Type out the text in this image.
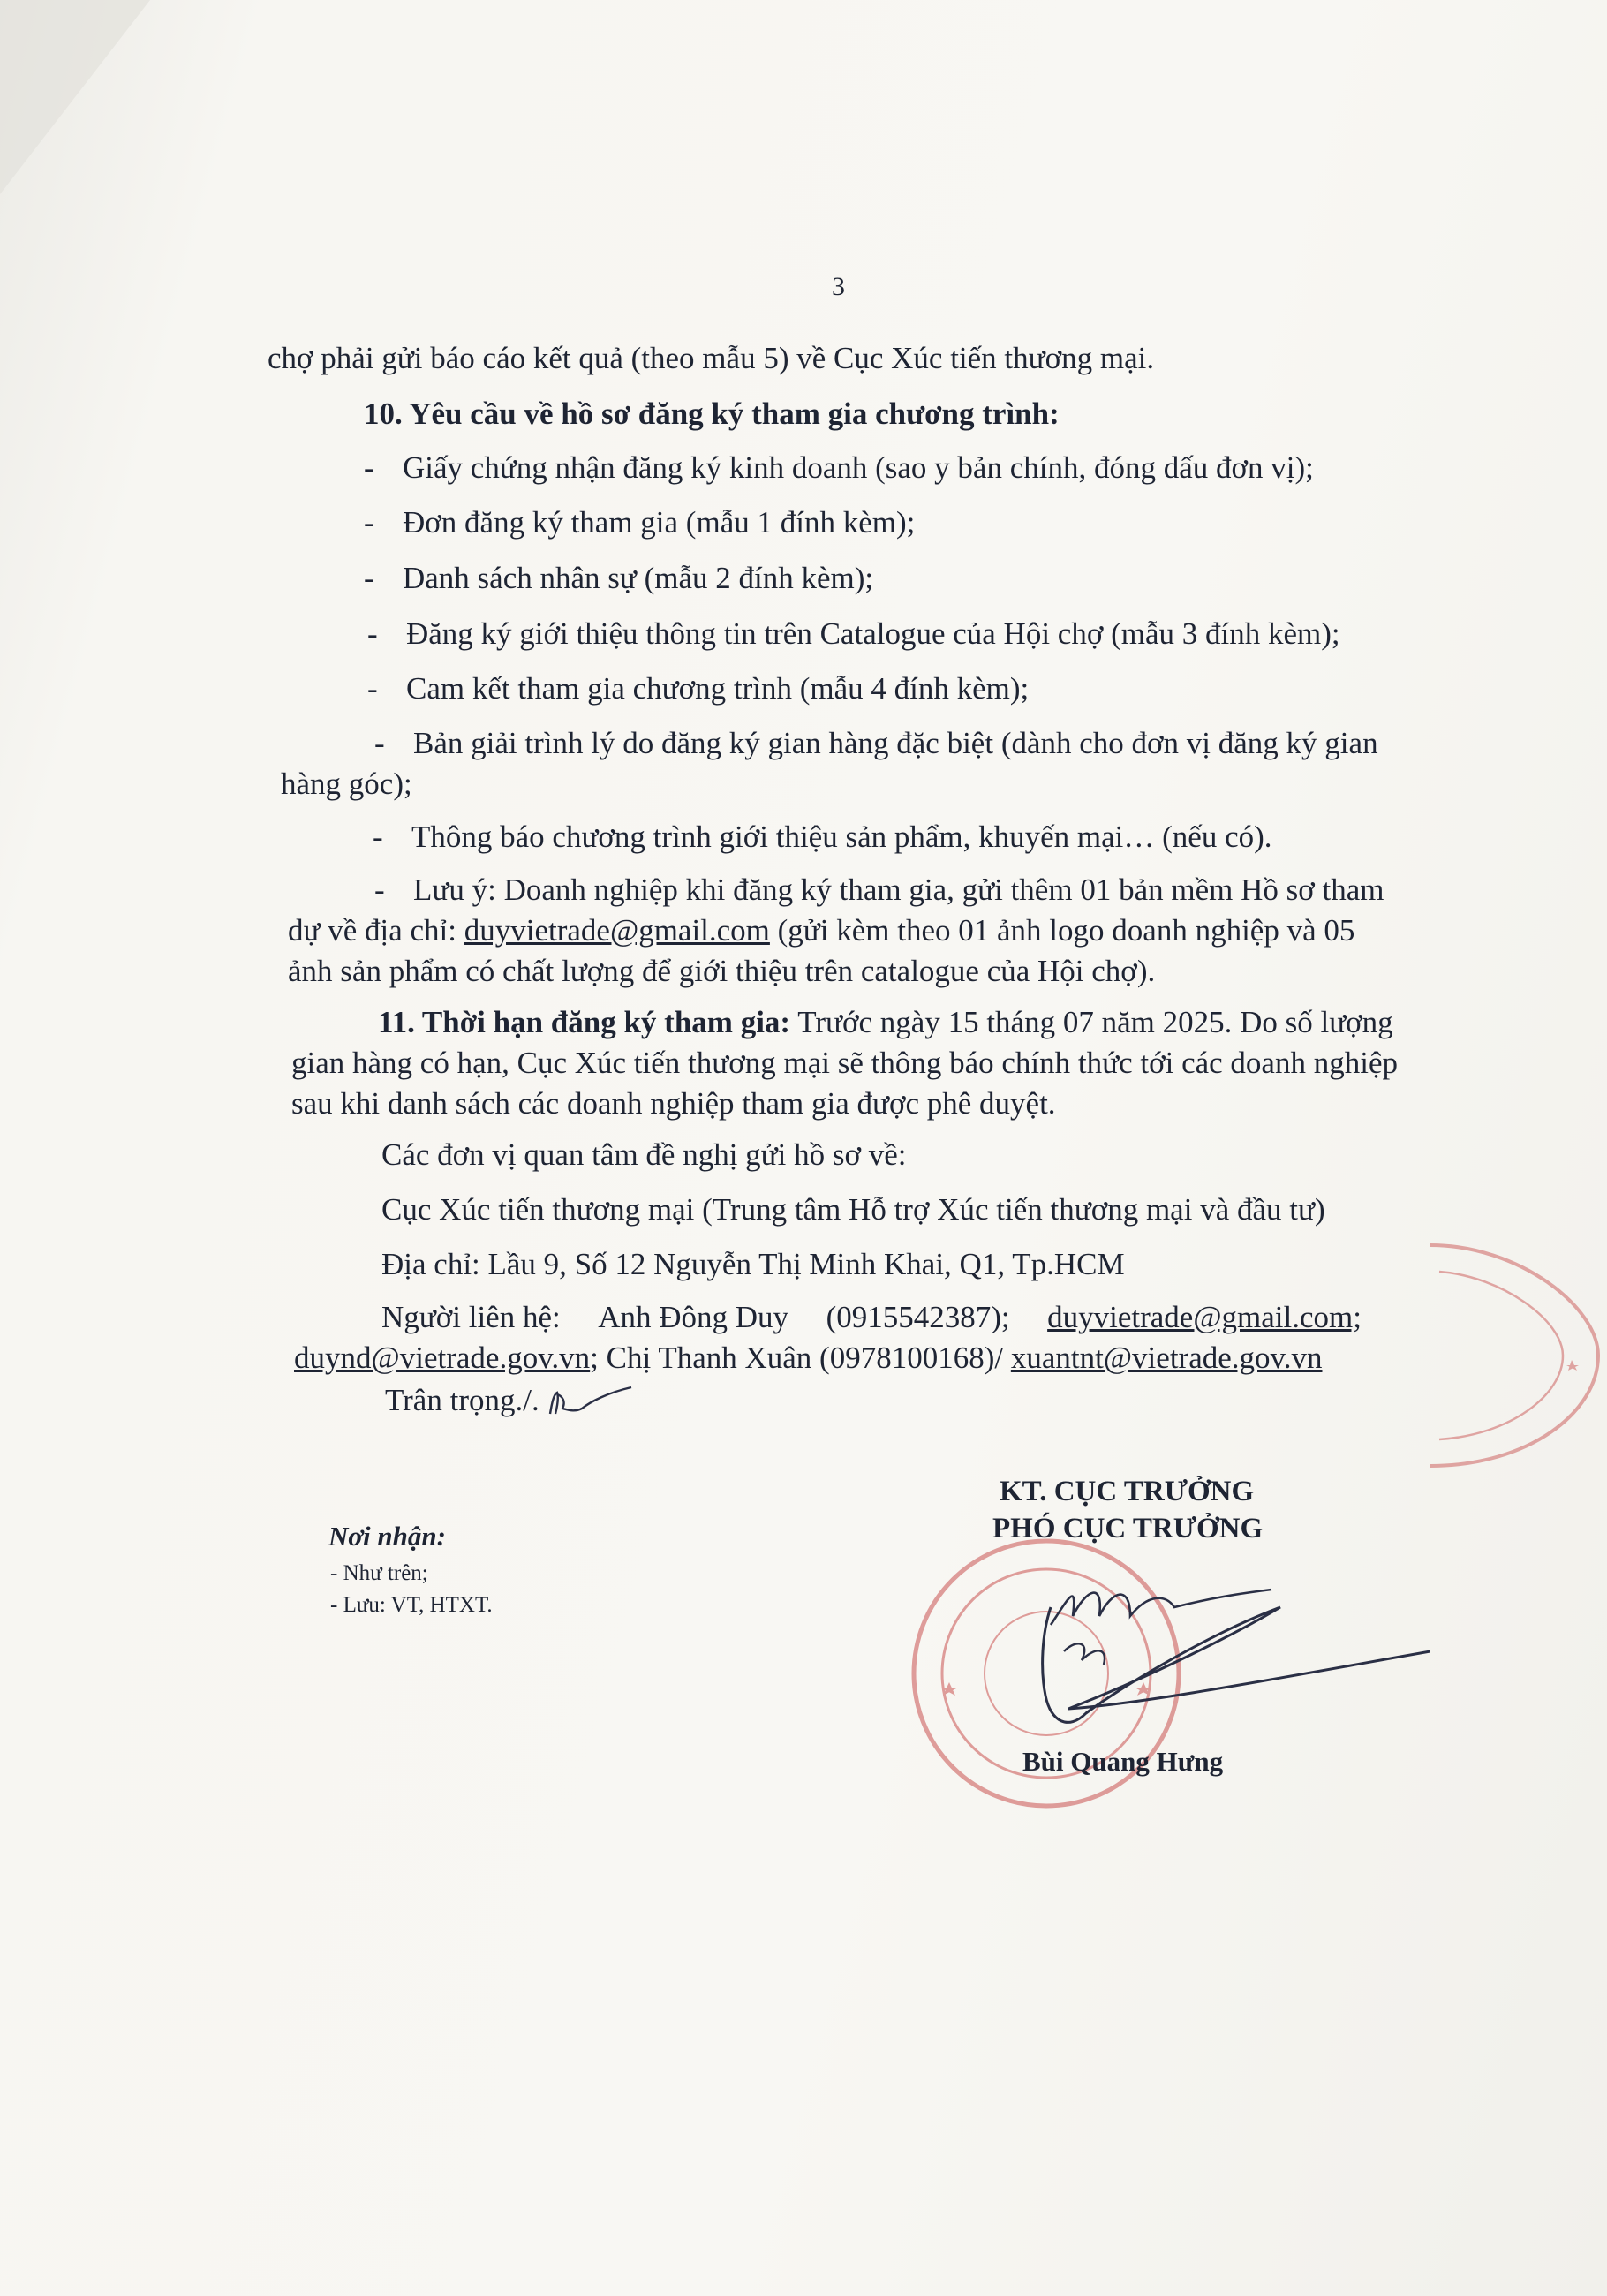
3
chợ phải gửi báo cáo kết quả (theo mẫu 5) về Cục Xúc tiến thương mại.
10. Yêu cầu về hồ sơ đăng ký tham gia chương trình:
- Giấy chứng nhận đăng ký kinh doanh (sao y bản chính, đóng dấu đơn vị);
- Đơn đăng ký tham gia (mẫu 1 đính kèm);
- Danh sách nhân sự (mẫu 2 đính kèm);
- Đăng ký giới thiệu thông tin trên Catalogue của Hội chợ (mẫu 3 đính kèm);
- Cam kết tham gia chương trình (mẫu 4 đính kèm);
- Bản giải trình lý do đăng ký gian hàng đặc biệt (dành cho đơn vị đăng ký gian
hàng góc);
- Thông báo chương trình giới thiệu sản phẩm, khuyến mại… (nếu có).
- Lưu ý: Doanh nghiệp khi đăng ký tham gia, gửi thêm 01 bản mềm Hồ sơ tham
dự về địa chỉ: duyvietrade@gmail.com (gửi kèm theo 01 ảnh logo doanh nghiệp và 05
ảnh sản phẩm có chất lượng để giới thiệu trên catalogue của Hội chợ).
11. Thời hạn đăng ký tham gia: Trước ngày 15 tháng 07 năm 2025. Do số lượng
gian hàng có hạn, Cục Xúc tiến thương mại sẽ thông báo chính thức tới các doanh nghiệp
sau khi danh sách các doanh nghiệp tham gia được phê duyệt.
Các đơn vị quan tâm đề nghị gửi hồ sơ về:
Cục Xúc tiến thương mại (Trung tâm Hỗ trợ Xúc tiến thương mại và đầu tư)
Địa chỉ: Lầu 9, Số 12 Nguyễn Thị Minh Khai, Q1, Tp.HCM
Người liên hệ: Anh Đông Duy (0915542387); duyvietrade@gmail.com;
duynd@vietrade.gov.vn; Chị Thanh Xuân (0978100168)/ xuantnt@vietrade.gov.vn
Trân trọng./.
KT. CỤC TRƯỞNG
PHÓ CỤC TRƯỞNG
Nơi nhận:
- Như trên;
- Lưu: VT, HTXT.
Bùi Quang Hưng
